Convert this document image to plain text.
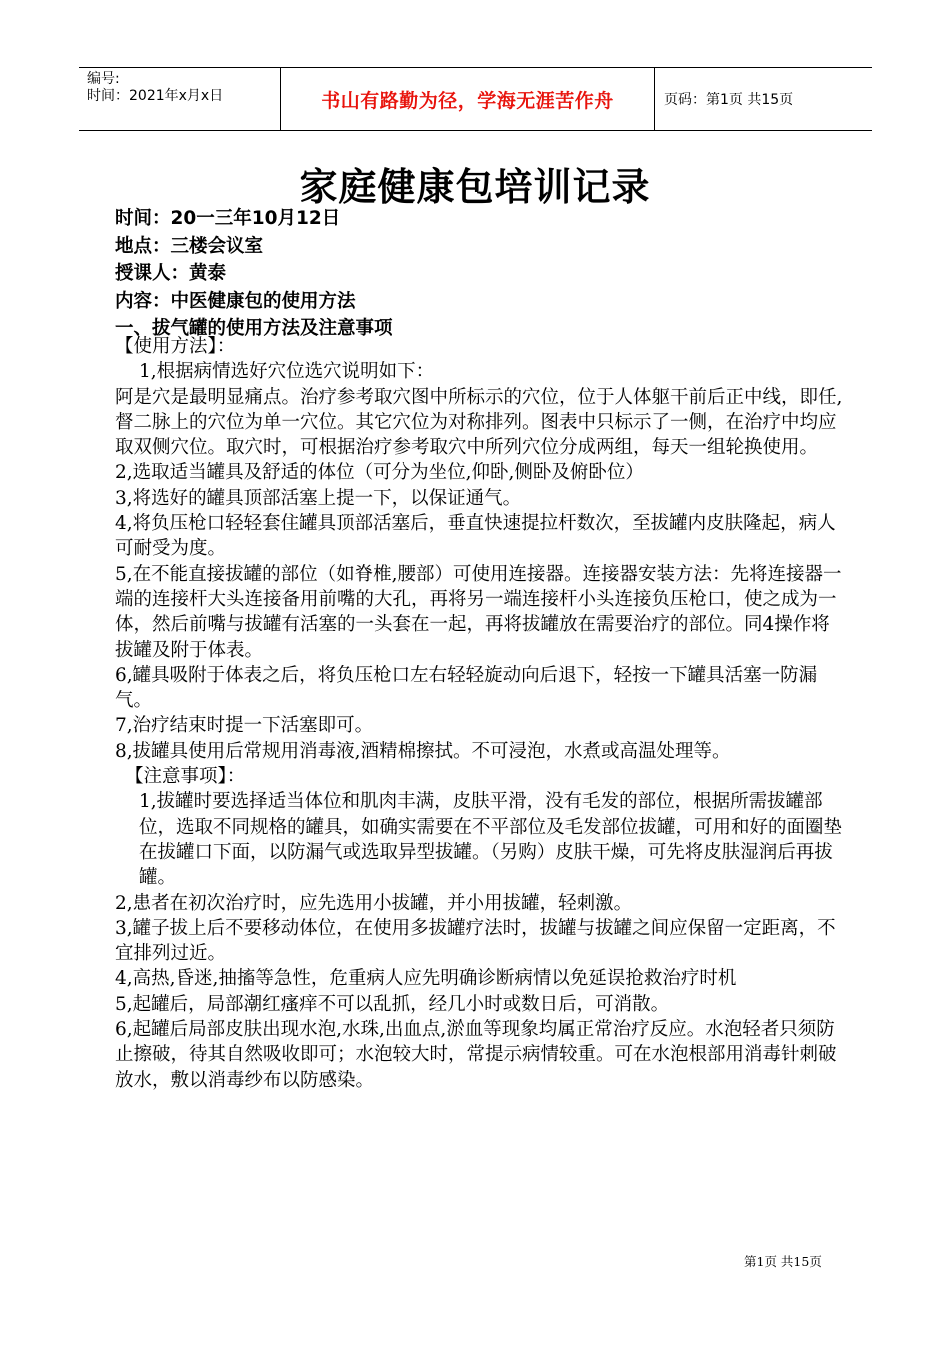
编号:
时间：2021年x月x日	书山有路勤为径，学海无涯苦作舟	页码：第1页 共15页
家庭健康包培训记录
时间：20一三年10月12日
地点：三楼会议室
授课人：黄泰
内容：中医健康包的使用方法
一、拔气罐的使用方法及注意事项

【使用方法】：

1,根据病情选好穴位选穴说明如下：

阿是穴是最明显痛点。治疗参考取穴图中所标示的穴位，位于人体躯干前后正中线，即任,督二脉上的穴位为单一穴位。其它穴位为对称排列。图表中只标示了一侧，在治疗中均应取双侧穴位。取穴时，可根据治疗参考取穴中所列穴位分成两组，每天一组轮换使用。

2,选取适当罐具及舒适的体位（可分为坐位,仰卧,侧卧及俯卧位）

3,将选好的罐具顶部活塞上提一下，以保证通气。

4,将负压枪口轻轻套住罐具顶部活塞后，垂直快速提拉杆数次，至拔罐内皮肤隆起，病人可耐受为度。

5,在不能直接拔罐的部位（如脊椎,腰部）可使用连接器。连接器安装方法：先将连接器一端的连接杆大头连接备用前嘴的大孔，再将另一端连接杆小头连接负压枪口，使之成为一体，然后前嘴与拔罐有活塞的一头套在一起，再将拔罐放在需要治疗的部位。同4操作将拔罐及附于体表。

6,罐具吸附于体表之后，将负压枪口左右轻轻旋动向后退下，轻按一下罐具活塞一防漏气。

7,治疗结束时提一下活塞即可。

8,拔罐具使用后常规用消毒液,酒精棉擦拭。不可浸泡，水煮或高温处理等。

【注意事项】：

1,拔罐时要选择适当体位和肌肉丰满，皮肤平滑，没有毛发的部位，根据所需拔罐部位，选取不同规格的罐具，如确实需要在不平部位及毛发部位拔罐，可用和好的面圈垫在拔罐口下面，以防漏气或选取异型拔罐。（另购）皮肤干燥，可先将皮肤湿润后再拔罐。

2,患者在初次治疗时，应先选用小拔罐，并小用拔罐，轻刺激。

3,罐子拔上后不要移动体位，在使用多拔罐疗法时，拔罐与拔罐之间应保留一定距离，不宜排列过近。

4,高热,昏迷,抽搐等急性，危重病人应先明确诊断病情以免延误抢救治疗时机

5,起罐后，局部潮红瘙痒不可以乱抓，经几小时或数日后，可消散。

6,起罐后局部皮肤出现水泡,水珠,出血点,淤血等现象均属正常治疗反应。水泡轻者只须防止擦破，待其自然吸收即可；水泡较大时，常提示病情较重。可在水泡根部用消毒针刺破放水，敷以消毒纱布以防感染。

第1页 共15页
